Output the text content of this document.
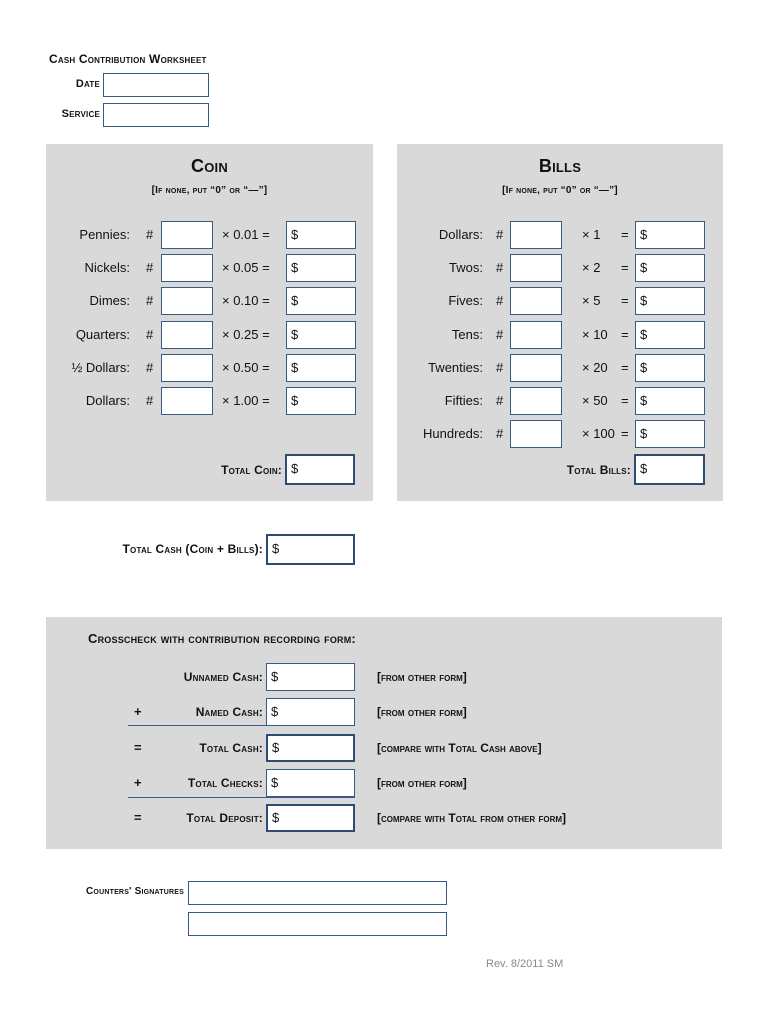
Cash Contribution Worksheet
Date
Service
Coin
[If none, put “0” or “—”]
Pennies: #	× 0.01 =	$
Nickels: #	× 0.05 =	$
Dimes: #	× 0.10 =	$
Quarters: #	× 0.25 =	$
½ Dollars: #	× 0.50 =	$
Dollars: #	× 1.00 =	$
Total Coin: $
Bills
[If none, put “0” or “—”]
Dollars: #	× 1 = $
Twos: #	× 2 = $
Fives: #	× 5 = $
Tens: #	× 10 = $
Twenties: #	× 20 = $
Fifties: #	× 50 = $
Hundreds: #	× 100 = $
Total Bills: $
Total Cash (Coin + Bills): $
Crosscheck with contribution recording form:
Unnamed Cash: $	[from other form]
+	Named Cash: $	[from other form]
=	Total Cash: $	[compare with Total Cash above]
+	Total Checks: $	[from other form]
=	Total Deposit: $	[compare with Total from other form]
Counters' Signatures
Rev. 8/2011 SM
